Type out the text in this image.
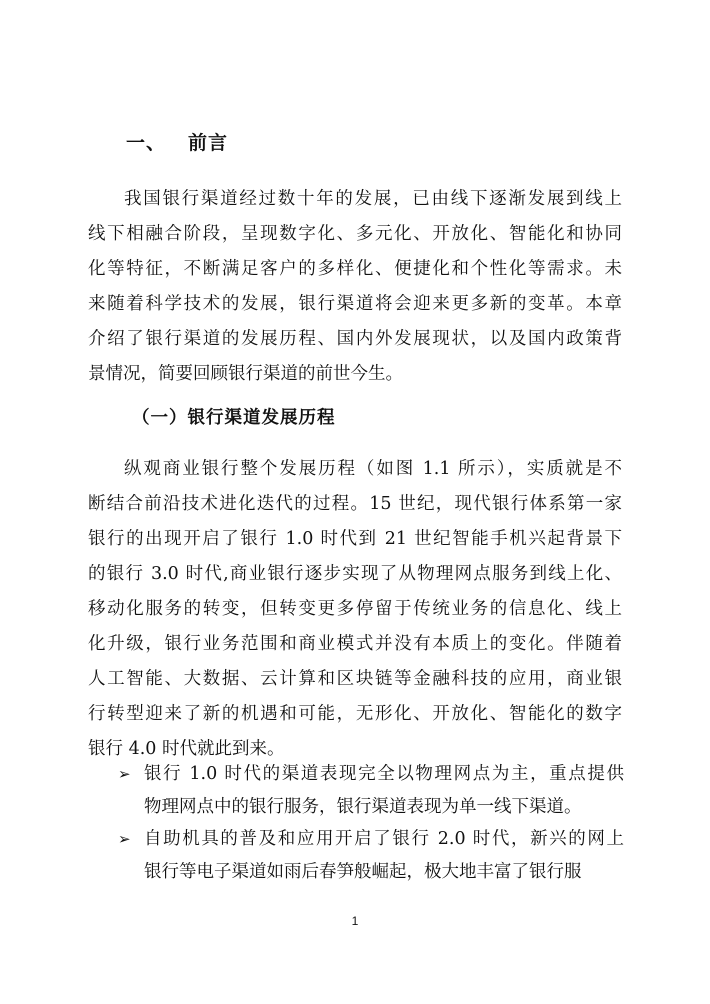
一、 前言
我国银行渠道经过数十年的发展，已由线下逐渐发展到线上
线下相融合阶段，呈现数字化、多元化、开放化、智能化和协同
化等特征，不断满足客户的多样化、便捷化和个性化等需求。未
来随着科学技术的发展，银行渠道将会迎来更多新的变革。本章
介绍了银行渠道的发展历程、国内外发展现状，以及国内政策背
景情况，简要回顾银行渠道的前世今生。
（一）银行渠道发展历程
纵观商业银行整个发展历程（如图 1.1 所示），实质就是不
断结合前沿技术进化迭代的过程。15 世纪，现代银行体系第一家
银行的出现开启了银行 1.0 时代到 21 世纪智能手机兴起背景下
的银行 3.0 时代,商业银行逐步实现了从物理网点服务到线上化、
移动化服务的转变，但转变更多停留于传统业务的信息化、线上
化升级，银行业务范围和商业模式并没有本质上的变化。伴随着
人工智能、大数据、云计算和区块链等金融科技的应用，商业银
行转型迎来了新的机遇和可能，无形化、开放化、智能化的数字
银行 4.0 时代就此到来。
➢ 银行 1.0 时代的渠道表现完全以物理网点为主，重点提供
物理网点中的银行服务，银行渠道表现为单一线下渠道。
➢ 自助机具的普及和应用开启了银行 2.0 时代，新兴的网上
银行等电子渠道如雨后春笋般崛起，极大地丰富了银行服
1
